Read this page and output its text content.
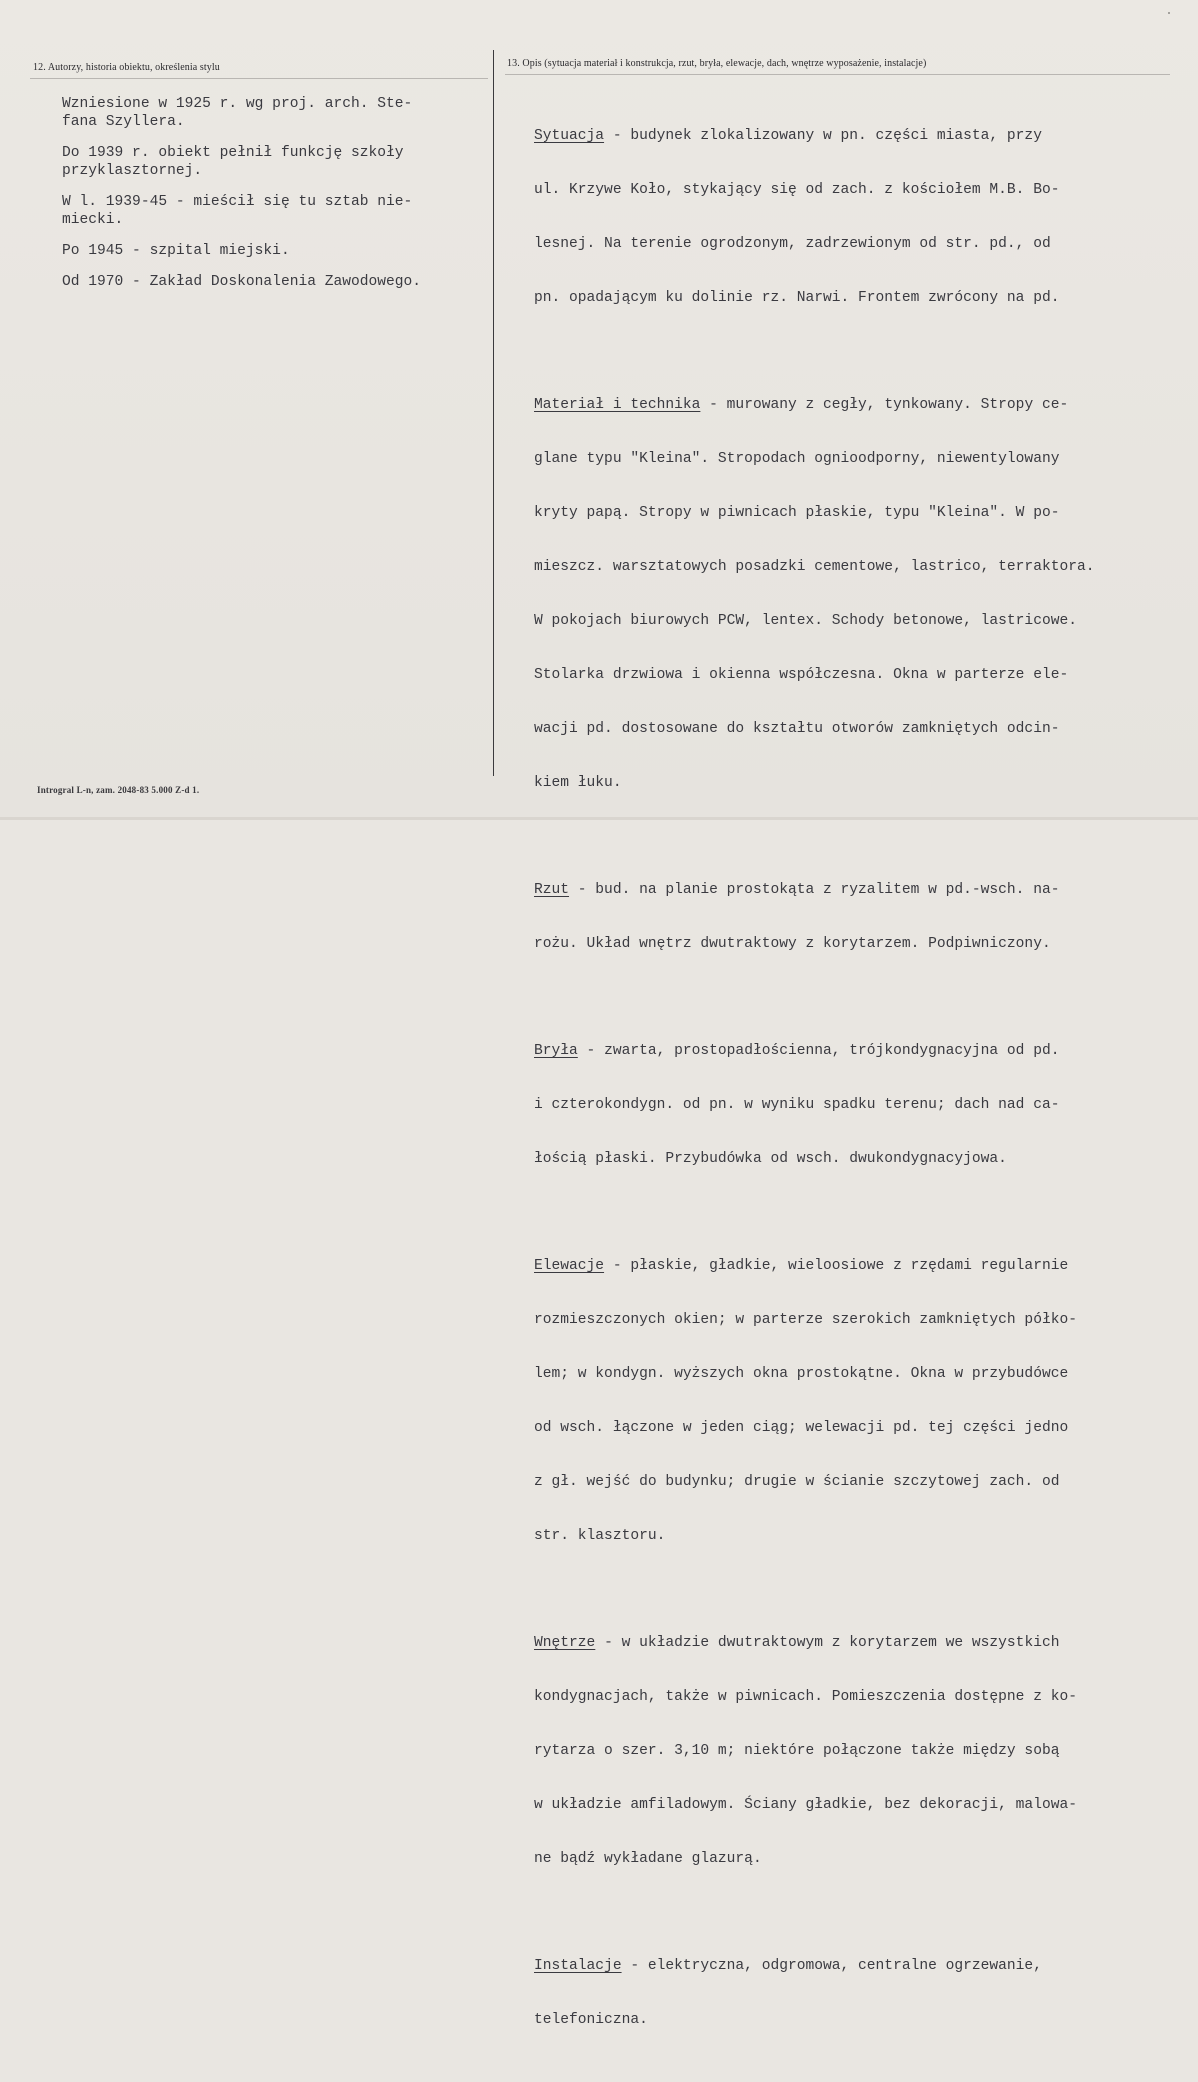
12. Autorzy, historia obiektu, określenia stylu	13. Opis (sytuacja materiał i konstrukcja, rzut, bryła, elewacje, dach, wnętrze wyposażenie, instalacje)
Wzniesione w 1925 r. wg proj. arch. Ste-
fana Szyllera.
Do 1939 r. obiekt pełnił funkcję szkoły
przyklasztornej.
W l. 1939-45 - mieścił się tu sztab nie-
miecki.
Po 1945 - szpital miejski.
Od 1970 - Zakład Doskonalenia Zawodowego.

Sytuacja - budynek zlokalizowany w pn. części miasta, przy

ul. Krzywe Koło, stykający się od zach. z kościołem M.B. Bo-

lesnej. Na terenie ogrodzonym, zadrzewionym od str. pd., od

pn. opadającym ku dolinie rz. Narwi. Frontem zwrócony na pd.

Materiał i technika - murowany z cegły, tynkowany. Stropy ce-

glane typu "Kleina". Stropodach ognioodporny, niewentylowany

kryty papą. Stropy w piwnicach płaskie, typu "Kleina". W po-

mieszcz. warsztatowych posadzki cementowe, lastrico, terraktora.

W pokojach biurowych PCW, lentex. Schody betonowe, lastricowe.

Stolarka drzwiowa i okienna współczesna. Okna w parterze ele-

wacji pd. dostosowane do kształtu otworów zamkniętych odcin-

kiem łuku.

Rzut - bud. na planie prostokąta z ryzalitem w pd.-wsch. na-

rożu. Układ wnętrz dwutraktowy z korytarzem. Podpiwniczony.

Bryła - zwarta, prostopadłościenna, trójkondygnacyjna od pd.

i czterokondygn. od pn. w wyniku spadku terenu; dach nad ca-

łością płaski. Przybudówka od wsch. dwukondygnacyjowa.

Elewacje - płaskie, gładkie, wieloosiowe z rzędami regularnie

rozmieszczonych okien; w parterze szerokich zamkniętych półko-

lem; w kondygn. wyższych okna prostokątne. Okna w przybudówce

od wsch. łączone w jeden ciąg; welewacji pd. tej części jedno

z gł. wejść do budynku; drugie w ścianie szczytowej zach. od

str. klasztoru.

Wnętrze - w układzie dwutraktowym z korytarzem we wszystkich

kondygnacjach, także w piwnicach. Pomieszczenia dostępne z ko-

rytarza o szer. 3,10 m; niektóre połączone także między sobą

w układzie amfiladowym. Ściany gładkie, bez dekoracji, malowa-

ne bądź wykładane glazurą.

Instalacje - elektryczna, odgromowa, centralne ogrzewanie,

telefoniczna.

Introgral L-n, zam. 2048-83 5.000 Z-d 1.
